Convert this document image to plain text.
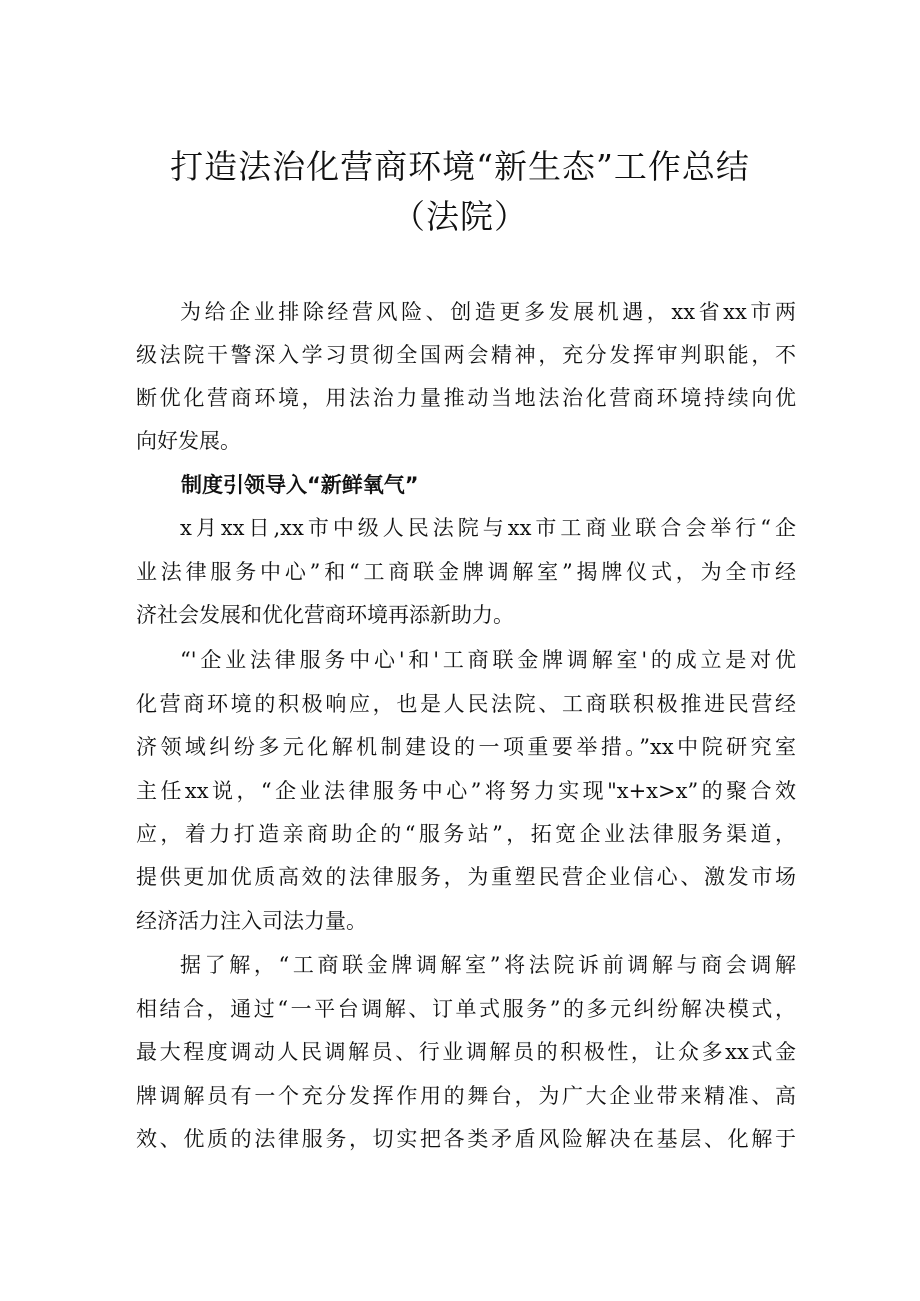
打造法治化营商环境“新生态”工作总结
（法院）
为给企业排除经营风险、创造更多发展机遇，xx省xx市两
级法院干警深入学习贯彻全国两会精神，充分发挥审判职能，不
断优化营商环境，用法治力量推动当地法治化营商环境持续向优
向好发展。
制度引领导入“新鲜氧气”
x月xx日,xx市中级人民法院与xx市工商业联合会举行“企
业法律服务中心”和“工商联金牌调解室”揭牌仪式，为全市经
济社会发展和优化营商环境再添新助力。
“'企业法律服务中心'和'工商联金牌调解室'的成立是对优
化营商环境的积极响应，也是人民法院、工商联积极推进民营经
济领域纠纷多元化解机制建设的一项重要举措。”xx中院研究室
主任xx说，“企业法律服务中心”将努力实现"x+x>x”的聚合效
应，着力打造亲商助企的“服务站”，拓宽企业法律服务渠道，
提供更加优质高效的法律服务，为重塑民营企业信心、激发市场
经济活力注入司法力量。
据了解，“工商联金牌调解室”将法院诉前调解与商会调解
相结合，通过“一平台调解、订单式服务”的多元纠纷解决模式，
最大程度调动人民调解员、行业调解员的积极性，让众多xx式金
牌调解员有一个充分发挥作用的舞台，为广大企业带来精准、高
效、优质的法律服务，切实把各类矛盾风险解决在基层、化解于
